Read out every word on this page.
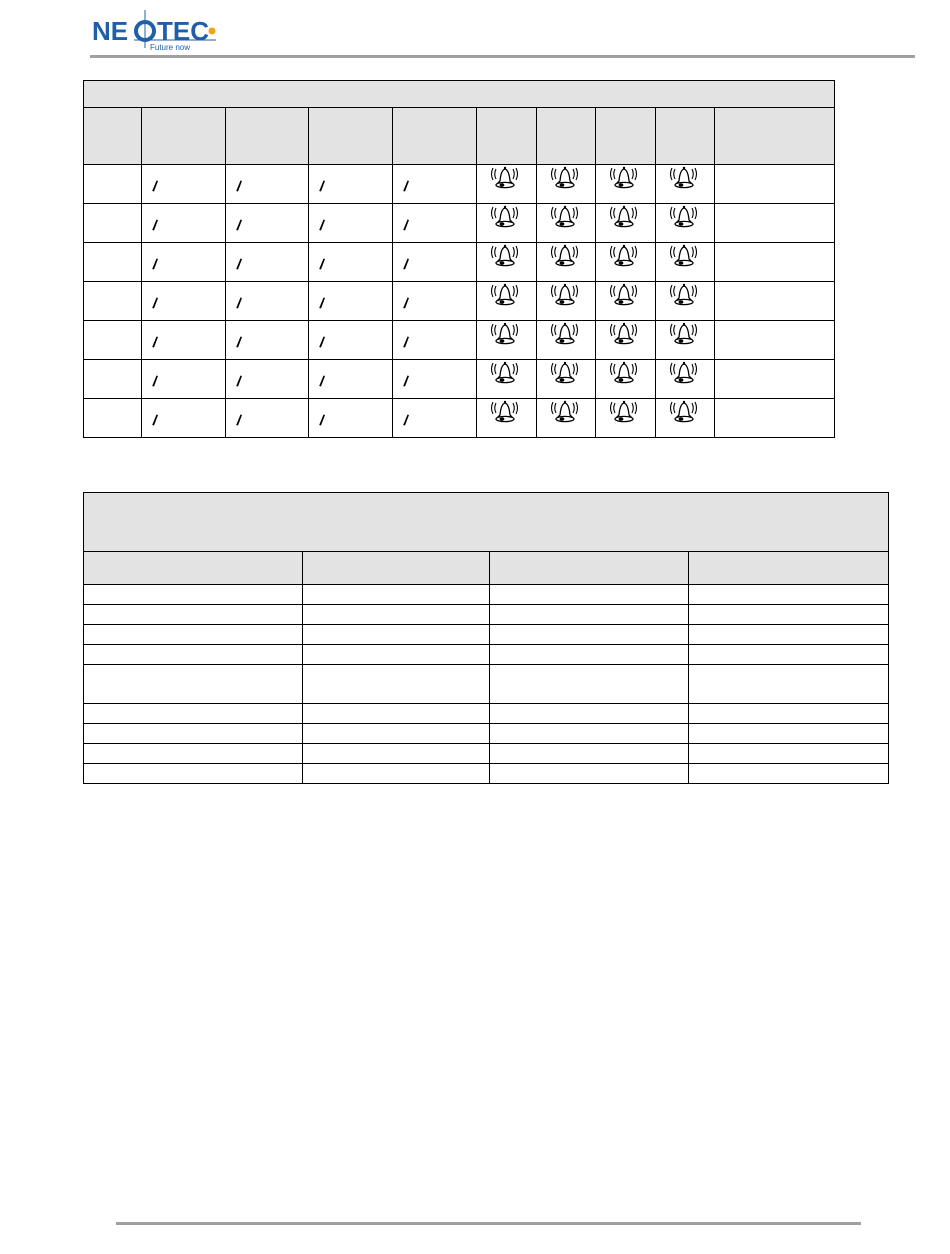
NE TEC
Future now
